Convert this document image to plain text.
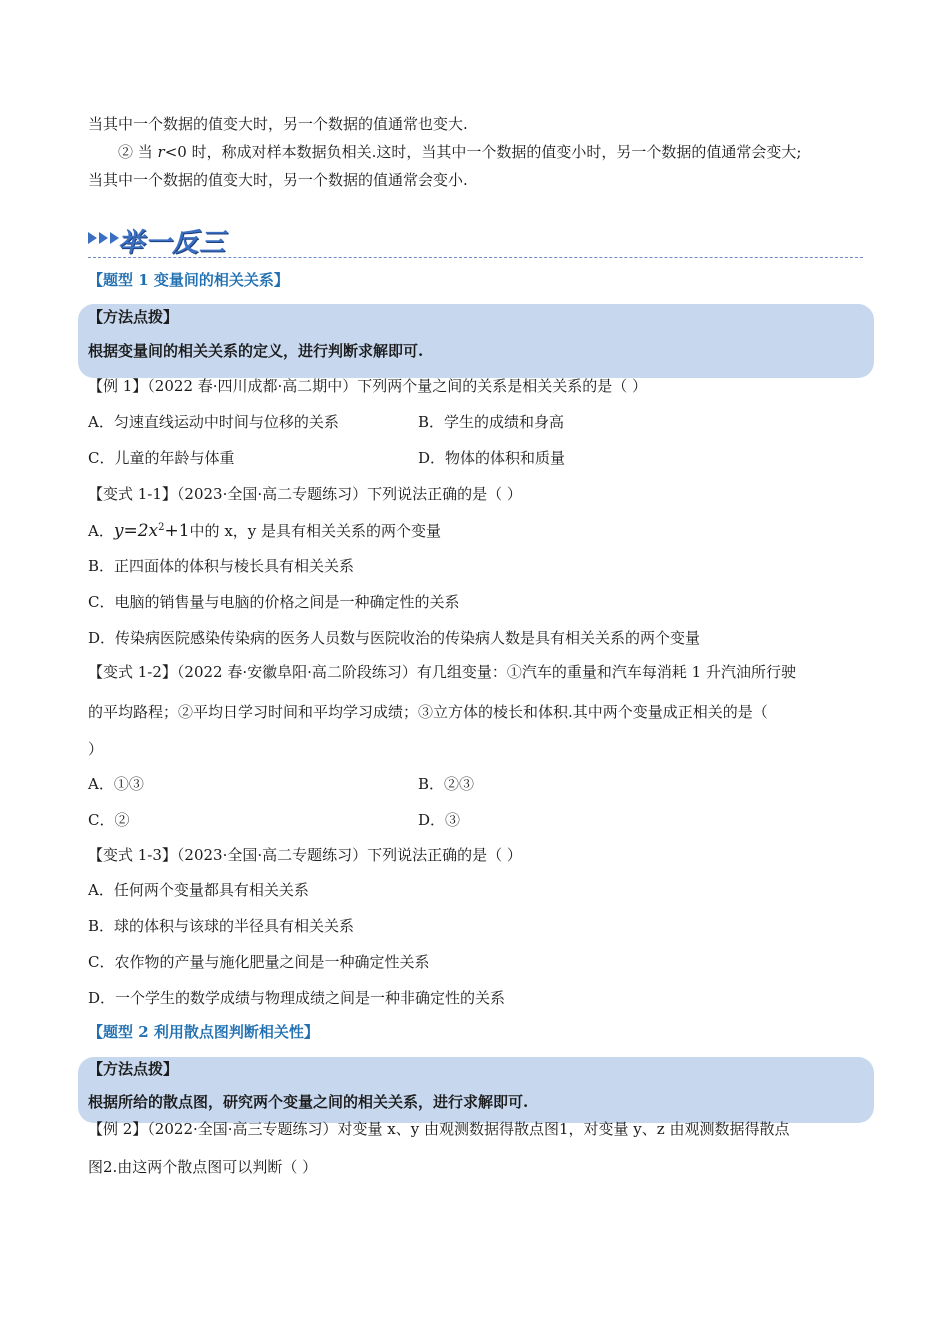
当其中一个数据的值变大时，另一个数据的值通常也变大.
② 当 r<0 时，称成对样本数据负相关.这时，当其中一个数据的值变小时，另一个数据的值通常会变大;
当其中一个数据的值变大时，另一个数据的值通常会变小.
举一反三
【题型 1 变量间的相关关系】
【方法点拨】
根据变量间的相关关系的定义，进行判断求解即可.
【例 1】（2022 春·四川成都·高二期中）下列两个量之间的关系是相关关系的是（ ）
A．匀速直线运动中时间与位移的关系	B．学生的成绩和身高
C．儿童的年龄与体重	D．物体的体积和质量
【变式 1-1】（2023·全国·高二专题练习）下列说法正确的是（ ）
A．$y=2x^2+1$中的 x，y 是具有相关关系的两个变量
B．正四面体的体积与棱长具有相关关系
C．电脑的销售量与电脑的价格之间是一种确定性的关系
D．传染病医院感染传染病的医务人员数与医院收治的传染病人数是具有相关关系的两个变量
【变式 1-2】（2022 春·安徽阜阳·高二阶段练习）有几组变量：①汽车的重量和汽车每消耗 1 升汽油所行驶
的平均路程；②平均日学习时间和平均学习成绩；③立方体的棱长和体积.其中两个变量成正相关的是（
）
A．①③	B．②③
C．②	D．③
【变式 1-3】（2023·全国·高二专题练习）下列说法正确的是（ ）
A．任何两个变量都具有相关关系
B．球的体积与该球的半径具有相关关系
C．农作物的产量与施化肥量之间是一种确定性关系
D．一个学生的数学成绩与物理成绩之间是一种非确定性的关系
【题型 2 利用散点图判断相关性】
【方法点拨】
根据所给的散点图，研究两个变量之间的相关关系，进行求解即可.
【例 2】（2022·全国·高三专题练习）对变量 x、y 由观测数据得散点图1，对变量 y、z 由观测数据得散点
图2.由这两个散点图可以判断（ ）
